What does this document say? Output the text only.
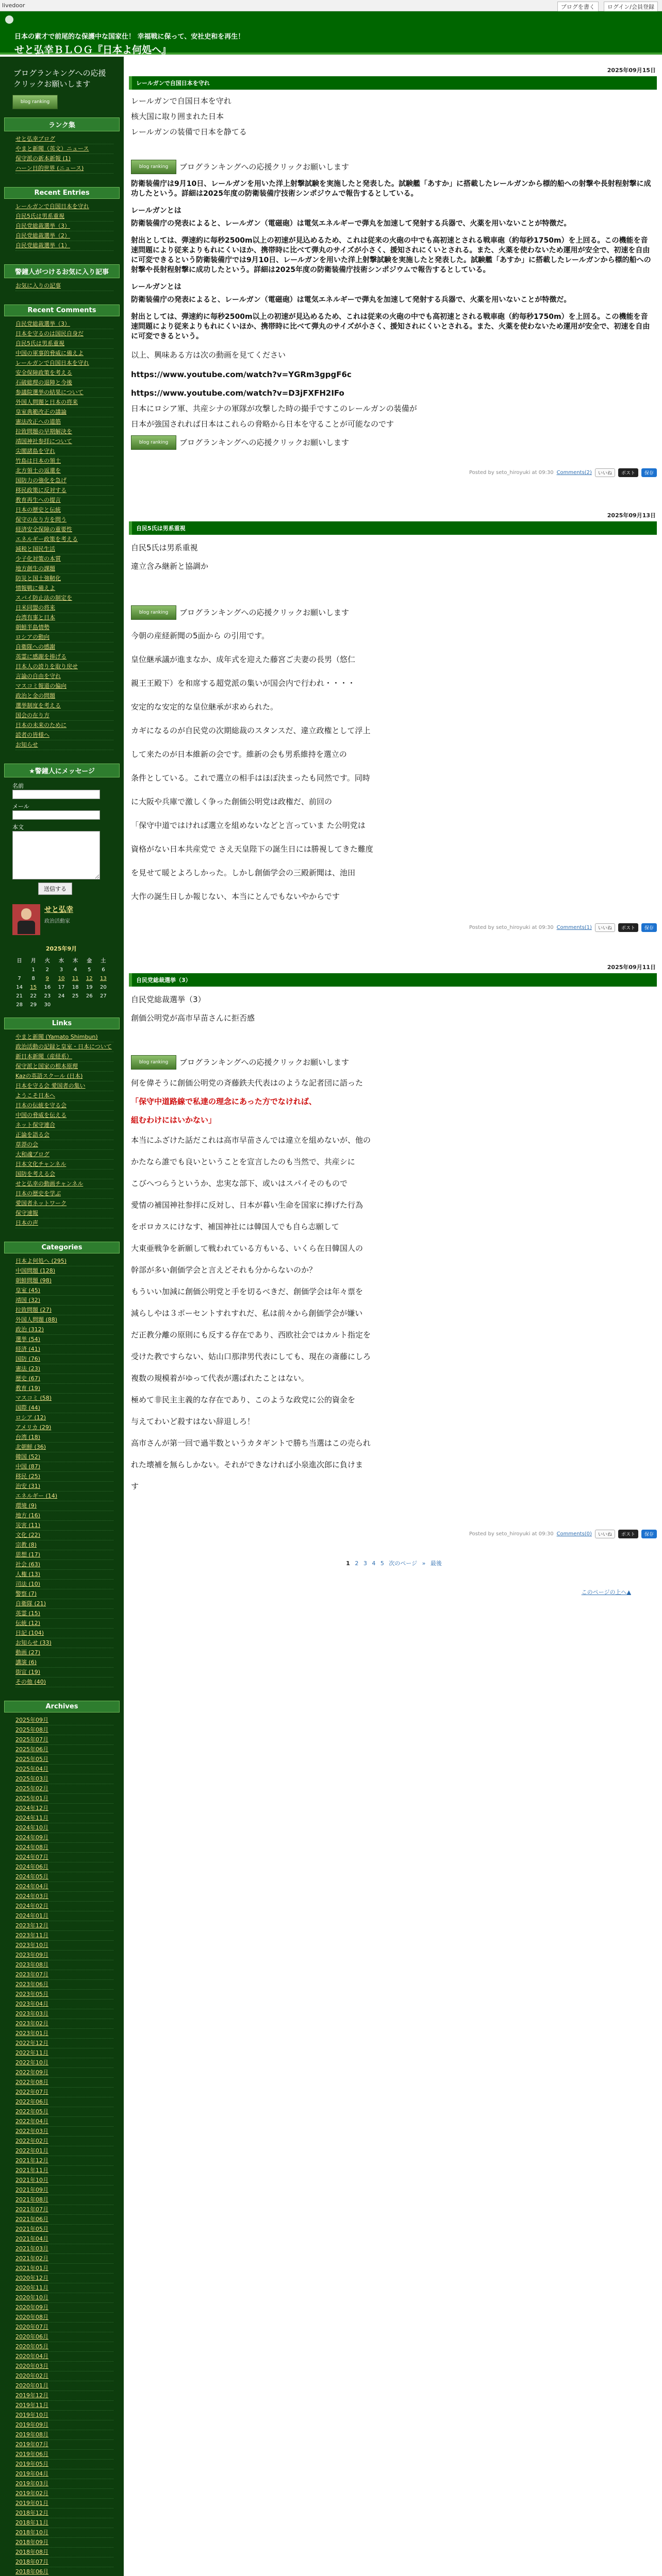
livedoor	ブログを書く	ログイン/会員登録
日本の素才で前尾的な保護中な国家仕！ 幸福戦に保って、安社史和を再生！
せと弘幸ＢＬＯＧ『日本よ何処へ』
ブログランキングへの応援クリックお願いします
blog ranking
ランク集
せと弘幸ブログ
やまと新聞（英文）ニュース
保守派の新本新報 (1)
ハーン日的世界 (ニュース)
Recent Entries
レールガンで自国日本を守れ
自民5氏は男系重視
自民党総裁選挙（3）
自民党総裁選挙（2）
自民党総裁選挙（1）
警鐘人がつけるお気に入り記事
お気に入りの記事
Recent Comments
自民党総裁選挙（3）
日本を守るのは国民自身だ
自民5氏は男系重視
中国の軍事的脅威に備えよ
レールガンで自国日本を守れ
安全保障政策を考える
石破総理の退陣と今後
参議院選挙の結果について
外国人問題と日本の将来
皇室典範改正の議論
憲法改正への道筋
拉致問題の早期解決を
靖国神社参拝について
尖閣諸島を守れ
竹島は日本の領土
北方領土の返還を
国防力の強化を急げ
移民政策に反対する
教育再生への提言
日本の歴史と伝統
保守の在り方を問う
経済安全保障の重要性
エネルギー政策を考える
減税と国民生活
少子化対策の本質
地方創生の課題
防災と国土強靭化
情報戦に備えよ
スパイ防止法の制定を
日米同盟の将来
台湾有事と日本
朝鮮半島情勢
ロシアの動向
自衛隊への感謝
英霊に感謝を捧げる
日本人の誇りを取り戻せ
言論の自由を守れ
マスコミ報道の偏向
政治と金の問題
選挙制度を考える
国会の在り方
日本の未来のために
読者の皆様へ
お知らせ
★警鐘人にメッセージ
名前
メール
本文
送信する
せと弘幸
政治活動家
2025年9月
日	月	火	水	木	金	土
	1	2	3	4	5	6
7	8	9	10	11	12	13
14	15	16	17	18	19	20
21	22	23	24	25	26	27
28	29	30				
Links
やまと新聞 (Yamato Shimbun)
政治活動の記録と皇室・日本について
新日本新聞（産経系）
保守派と国家の根本原理
Kazの英語スクール (日本)
日本を守る会 愛国者の集い
ようこそ日本へ
日本の伝統を守る会
中国の脅威を伝える
ネット保守連合
正論を語る会
草莽の会
大和魂ブログ
日本文化チャンネル
国防を考える会
せと弘幸の動画チャンネル
日本の歴史を学ぶ
愛国者ネットワーク
保守速報
日本の声
Categories
日本よ何処へ (295)
中国問題 (128)
朝鮮問題 (98)
皇室 (45)
靖国 (32)
拉致問題 (27)
外国人問題 (88)
政治 (312)
選挙 (54)
経済 (41)
国防 (76)
憲法 (23)
歴史 (67)
教育 (19)
マスコミ (58)
国際 (44)
ロシア (12)
アメリカ (29)
台湾 (18)
北朝鮮 (36)
韓国 (52)
中国 (87)
移民 (25)
治安 (31)
エネルギー (14)
環境 (9)
地方 (16)
災害 (11)
文化 (22)
宗教 (8)
思想 (17)
社会 (63)
人権 (13)
司法 (10)
警察 (7)
自衛隊 (21)
英霊 (15)
伝統 (12)
日記 (104)
お知らせ (33)
動画 (27)
講演 (6)
街宣 (19)
その他 (40)
Archives
2025年09月
2025年08月
2025年07月
2025年06月
2025年05月
2025年04月
2025年03月
2025年02月
2025年01月
2024年12月
2024年11月
2024年10月
2024年09月
2024年08月
2024年07月
2024年06月
2024年05月
2024年04月
2024年03月
2024年02月
2024年01月
2023年12月
2023年11月
2023年10月
2023年09月
2023年08月
2023年07月
2023年06月
2023年05月
2023年04月
2023年03月
2023年02月
2023年01月
2022年12月
2022年11月
2022年10月
2022年09月
2022年08月
2022年07月
2022年06月
2022年05月
2022年04月
2022年03月
2022年02月
2022年01月
2021年12月
2021年11月
2021年10月
2021年09月
2021年08月
2021年07月
2021年06月
2021年05月
2021年04月
2021年03月
2021年02月
2021年01月
2020年12月
2020年11月
2020年10月
2020年09月
2020年08月
2020年07月
2020年06月
2020年05月
2020年04月
2020年03月
2020年02月
2020年01月
2019年12月
2019年11月
2019年10月
2019年09月
2019年08月
2019年07月
2019年06月
2019年05月
2019年04月
2019年03月
2019年02月
2019年01月
2018年12月
2018年11月
2018年10月
2018年09月
2018年08月
2018年07月
2018年06月
2025年09月15日
レールガンで自国日本を守れ

レールガンで自国日本を守れ

核大国に取り囲まれた日本

レールガンの装備で日本を静てる

blog ranking	ブログランキングへの応援クリックお願いします
防衛装備庁は9月10日、レールガンを用いた洋上射撃試験を実施したと発表した。試験艦「あすか」に搭載したレールガンから標的船への射撃や長射程射撃に成功したという。詳細は2025年度の防衛装備庁技術シンポジウムで報告するとしている。
レールガンとは
防衛装備庁の発表によると、レールガン（電磁砲）は電気エネルギーで弾丸を加速して発射する兵器で、火薬を用いないことが特徴だ。
射出としては、弾速約に毎秒2500m以上の初速が見込めるため、これは従来の火砲の中でも高初速とされる戦車砲（約毎秒1750m）を上回る。この機能を音速問題により従来よりもれにくいほか、携帯時に比べて弾丸のサイズが小さく、援知されにくいとされる。また、火薬を使わないため運用が安全で、初速を自由に可変できるという防衛装備庁では9月10日、レールガンを用いた洋上射撃試験を実施したと発表した。試験艦「あすか」に搭載したレールガンから標的船への射撃や長射程射撃に成功したという。詳細は2025年度の防衛装備庁技術シンポジウムで報告するとしている。
レールガンとは
防衛装備庁の発表によると、レールガン（電磁砲）は電気エネルギーで弾丸を加速して発射する兵器で、火薬を用いないことが特徴だ。
射出としては、弾速約に毎秒2500m以上の初速が見込めるため、これは従来の火砲の中でも高初速とされる戦車砲（約毎秒1750m）を上回る。この機能を音速問題により従来よりもれにくいほか、携帯時に比べて弾丸のサイズが小さく、援知されにくいとされる。また、火薬を使わないため運用が安全で、初速を自由に可変できるという。

以上、興味ある方は次の動画を見てください

https://www.youtube.com/watch?v=YGRm3gpgF6c

https://www.youtube.com/watch?v=D3jFXFH2IFo

日本にロシア軍、共産シナの軍隊が攻撃した時の撮手ですこのレールガンの装備が

日本が強国されれば日本はこれらの脅略から日本を守ることが可能なのです

blog ranking	ブログランキングへの応援クリックお願いします
Posted by seto_hiroyuki at 09:30 Comments(2)	いいね	ポスト	保存
2025年09月13日
自民5氏は男系重視

自民5氏は男系重視

違立含み継新と協調か

blog ranking	ブログランキングへの応援クリックお願いします

今朝の産経新聞の5面から の引用です。

皇位継承議が進まなか、成年式を迎えた藤宮ご夫妻の長男（悠仁

親王王殿下）を和席する超党派の集いが国会内で行われ・・・・

安定的な安定的な皇位継承が求められた。

カギになるのが自民党の次期総裁のスタンスだ、違立政権として浮上

して来たのが日本維新の会です。維新の会も男系維持を選立の

条件としている。これで選立の相手はほぼ決まったも同然です。同時

に大阪や兵庫で激しく争った創価公明党は政権だ、前回の

「保守中道ではければ選立を組めないなどと言っていま た公明党は

資格がない日本共産党で さえ天皇陛下の誕生日には勝視してきた難度

を見せて暖とよろしかった。しかし創価学会の三殿新聞は、池田

大作の誕生日しか報じない、本当にとんでもないやからです

Posted by seto_hiroyuki at 09:30 Comments(1)	いいね	ポスト	保存
2025年09月11日
自民党総裁選挙（3）

自民党総裁選挙（3）

創価公明党が高市早苗さんに拒否感

blog ranking	ブログランキングへの応援クリックお願いします

何を偉そうに創価公明党の斉藤鉄夫代表はのような記者団に語った

「保守中道路線で私達の理念にあった方でなければ、

組むわけにはいかない」

本当にふざけた話だこれは高市早苗さんでは違立を組めないが、他の

かたなら誰でも良いということを宣言したのも当然で、共産シに

こびへつらうというか、忠実な部下、或いはスパイそのもので

愛情の補国神社参拝に反対し、日本が暮い生命を国家に捧げた行為

をポロカスにけなす、補国神社には韓国人でも自ら志願して

大東亜戦争を新願して戦われている方もいる、いくら在日韓国人の

幹部が多い創価学会と言えどそれも分からないのか？

もういい加減に創価公明党と手を切るべきだ、創価学会は年々票を

減らしやは３ポーセントすれすれだ、私は前々から創価学会が嫌い

だ正教分離の原則にも反する存在であり、西欧社会ではカルト指定を

受けた教ですらない、姑山口那津男代表にしても、現在の斎藤にしろ

複数の規模着がゆって代表が選ばれたことはない。

極めて非民主主義的な存在であり、このような政党に公的資金を

与えてわいど殺すはない辞退しろ！

高市さんが第一回で過半数というカタギントで勝ち当選はこの売られ

れた壊補を無らしかない。それができなければ小泉進次郎に負けま

す

Posted by seto_hiroyuki at 09:30 Comments(0)	いいね	ポスト	保存
1 2 3 4 5 次のページ » 最後
このページの上へ▲
